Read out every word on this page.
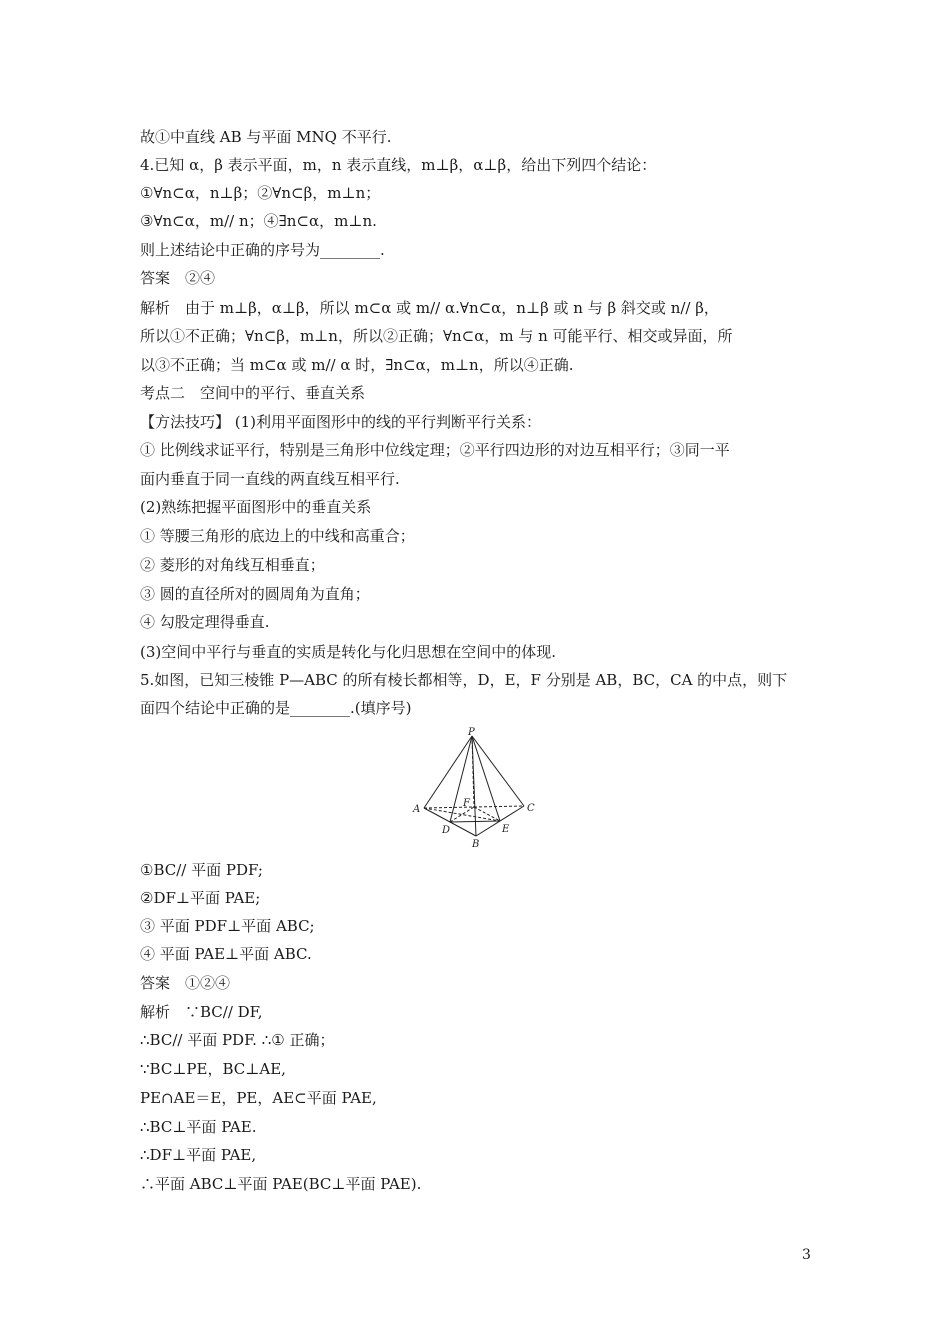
故①中直线 AB 与平面 MNQ 不平行.
4.已知 α，β 表示平面，m，n 表示直线，m⊥β，α⊥β，给出下列四个结论：
①∀n⊂α，n⊥β；②∀n⊂β，m⊥n；
③∀n⊂α，m// n；④∃n⊂α，m⊥n.
则上述结论中正确的序号为________.
答案　②④
解析　由于 m⊥β，α⊥β，所以 m⊂α 或 m// α.∀n⊂α，n⊥β 或 n 与 β 斜交或 n// β，
所以①不正确；∀n⊂β，m⊥n，所以②正确；∀n⊂α，m 与 n 可能平行、相交或异面，所
以③不正确；当 m⊂α 或 m// α 时，∃n⊂α，m⊥n，所以④正确.
考点二　空间中的平行、垂直关系
【方法技巧】 (1)利用平面图形中的线的平行判断平行关系：
① 比例线求证平行，特别是三角形中位线定理；②平行四边形的对边互相平行；③同一平
面内垂直于同一直线的两直线互相平行.
(2)熟练把握平面图形中的垂直关系
① 等腰三角形的底边上的中线和高重合；
② 菱形的对角线互相垂直；
③ 圆的直径所对的圆周角为直角；
④ 勾股定理得垂直.
(3)空间中平行与垂直的实质是转化与化归思想在空间中的体现.
5.如图，已知三棱锥 P—ABC 的所有棱长都相等，D，E，F 分别是 AB，BC，CA 的中点，则下
面四个结论中正确的是________.(填序号)
P
A	C
B
D	E
F
①BC// 平面 PDF;
②DF⊥平面 PAE;
③ 平面 PDF⊥平面 ABC;
④ 平面 PAE⊥平面 ABC.
答案　①②④
解析　∵BC// DF,
∴BC// 平面 PDF. ∴① 正确；
∵BC⊥PE，BC⊥AE,
PE∩AE＝E，PE，AE⊂平面 PAE,
∴BC⊥平面 PAE.
∴DF⊥平面 PAE,
∴平面 ABC⊥平面 PAE(BC⊥平面 PAE).
3
